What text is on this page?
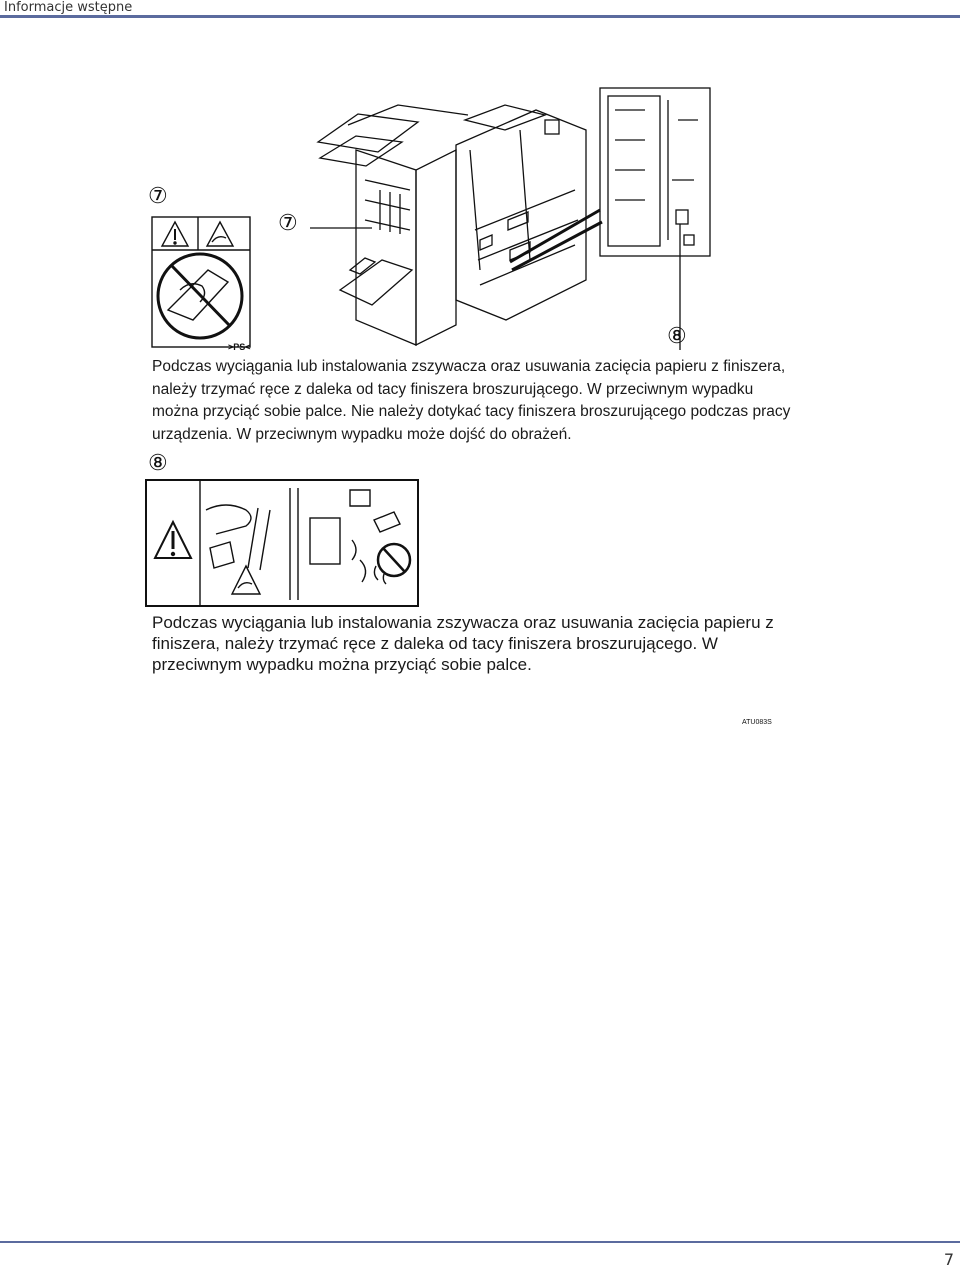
Informacje wstępne
⑦
⑦
⑧
⑧
>PS<
Podczas wyciągania lub instalowania zszywacza oraz usuwania zacięcia papieru z finiszera, należy trzymać ręce z daleka od tacy finiszera broszurującego. W przeciwnym wypadku można przyciąć sobie palce. Nie należy dotykać tacy finiszera broszurującego podczas pracy urządzenia. W przeciwnym wypadku może dojść do obrażeń.
Podczas wyciągania lub instalowania zszywacza oraz usuwania zacięcia papieru z finiszera, należy trzymać ręce z daleka od tacy finiszera broszurującego. W przeciwnym wypadku można przyciąć sobie palce.
ATU083S
7
